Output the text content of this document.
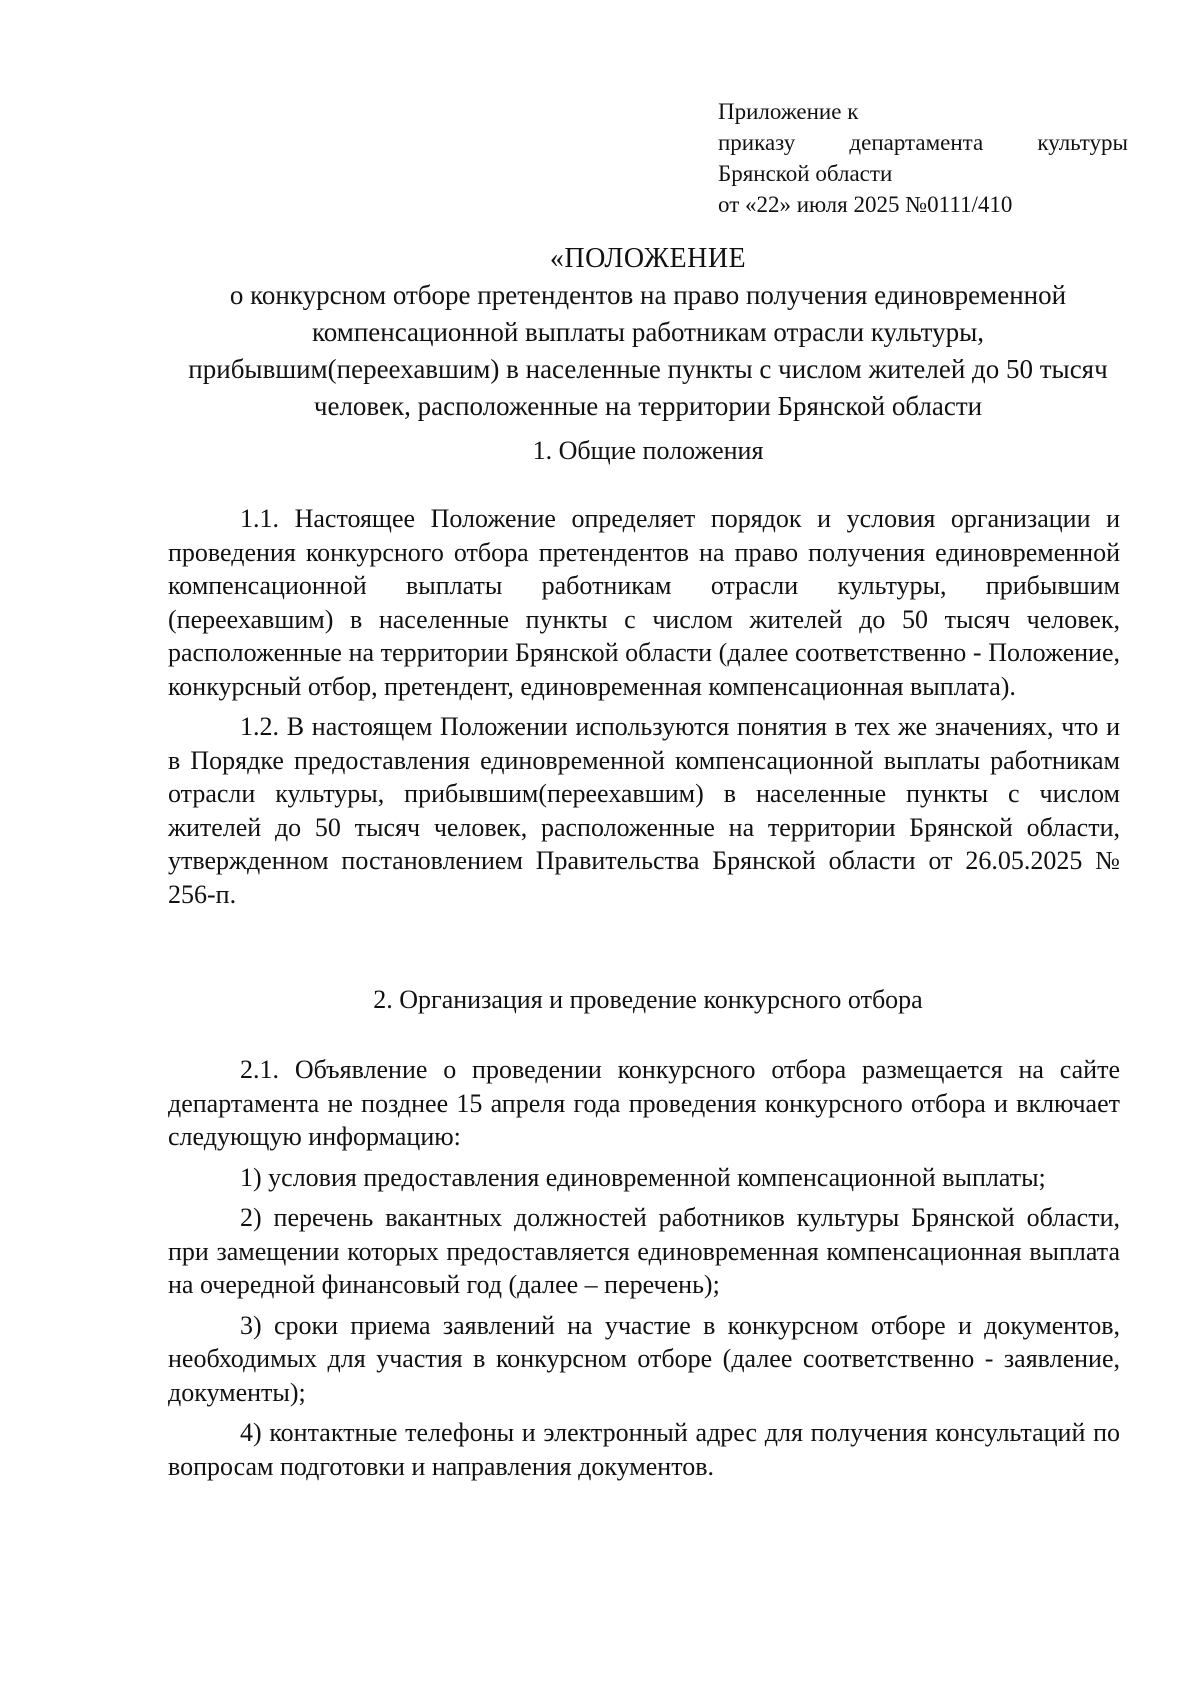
Приложение к
приказу департамента культуры
Брянской области
от «22» июля 2025 №0111/410
«ПОЛОЖЕНИЕ
о конкурсном отборе претендентов на право получения единовременной компенсационной выплаты работникам отрасли культуры, прибывшим(переехавшим) в населенные пункты с числом жителей до 50 тысяч человек, расположенные на территории Брянской области
1. Общие положения

1.1. Настоящее Положение определяет порядок и условия организации и проведения конкурсного отбора претендентов на право получения единовременной компенсационной выплаты работникам отрасли культуры, прибывшим (переехавшим) в населенные пункты с числом жителей до 50 тысяч человек, расположенные на территории Брянской области (далее соответственно - Положение, конкурсный отбор, претендент, единовременная компенсационная выплата).

1.2. В настоящем Положении используются понятия в тех же значениях, что и в Порядке предоставления единовременной компенсационной выплаты работникам отрасли культуры, прибывшим(переехавшим) в населенные пункты с числом жителей до 50 тысяч человек, расположенные на территории Брянской области, утвержденном постановлением Правительства Брянской области от 26.05.2025 № 256-п.

2. Организация и проведение конкурсного отбора

2.1. Объявление о проведении конкурсного отбора размещается на сайте департамента не позднее 15 апреля года проведения конкурсного отбора и включает следующую информацию:

1) условия предоставления единовременной компенсационной выплаты;

2) перечень вакантных должностей работников культуры Брянской области, при замещении которых предоставляется единовременная компенсационная выплата на очередной финансовый год (далее – перечень);

3) сроки приема заявлений на участие в конкурсном отборе и документов, необходимых для участия в конкурсном отборе (далее соответственно - заявление, документы);

4) контактные телефоны и электронный адрес для получения консультаций по вопросам подготовки и направления документов.
